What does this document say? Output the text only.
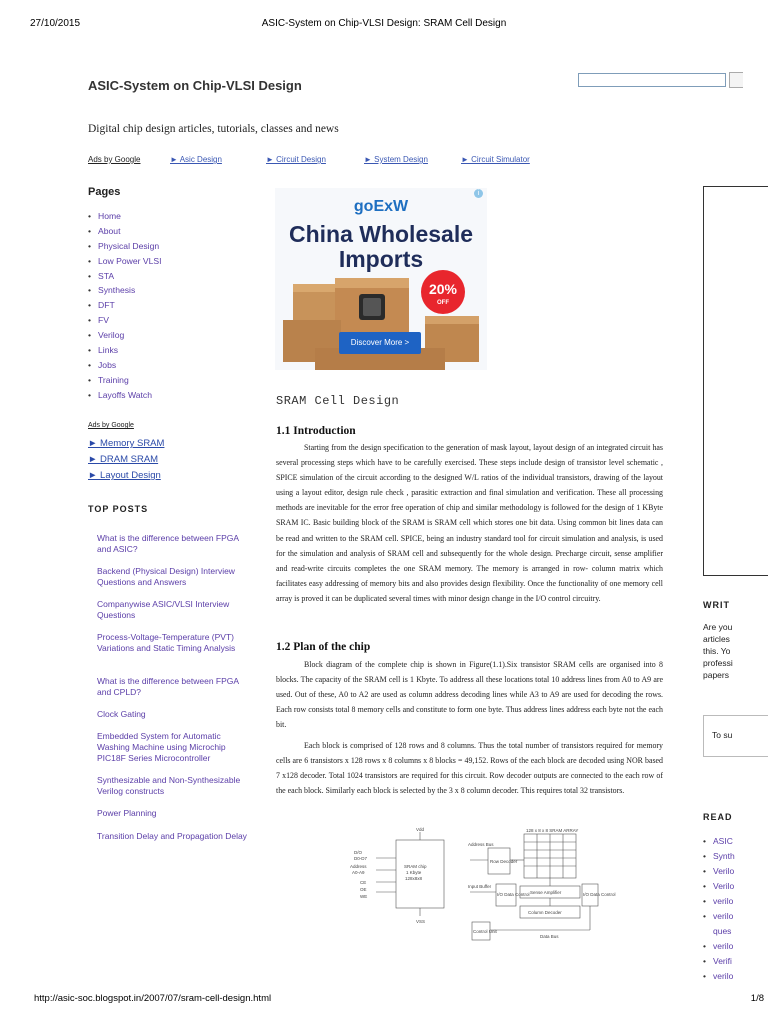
27/10/2015	ASIC-System on Chip-VLSI Design: SRAM Cell Design
ASIC-System on Chip-VLSI Design
Digital chip design articles, tutorials, classes and news
Ads by Google	► Asic Design	► Circuit Design	► System Design	► Circuit Simulator
Pages
• Home
• About
• Physical Design
• Low Power VLSI
• STA
• Synthesis
• DFT
• FV
• Verilog
• Links
• Jobs
• Training
• Layoffs Watch
Ads by Google
► Memory SRAM
► DRAM SRAM
► Layout Design
TOP POSTS
What is the difference between FPGA and ASIC?
Backend (Physical Design) Interview Questions and Answers
Companywise ASIC/VLSI Interview Questions
Process-Voltage-Temperature (PVT) Variations and Static Timing Analysis
What is the difference between FPGA and CPLD?
Clock Gating
Embedded System for Automatic Washing Machine using Microchip PIC18F Series Microcontroller
Synthesizable and Non-Synthesizable Verilog constructs
Power Planning
Transition Delay and Propagation Delay
i
goExW
China Wholesale
Imports
20%
OFF
Discover More >
SRAM Cell Design
1.1 Introduction
Starting from the design specification to the generation of mask layout, layout design of an integrated circuit has several processing steps which have to be carefully exercised. These steps include design of transistor level schematic , SPICE simulation of the circuit according to the designed W/L ratios of the individual transistors, drawing of the layout using a layout editor, design rule check , parasitic extraction and final simulation and verification. These all processing methods are inevitable for the error free operation of chip and similar methodology is followed for the design of 1 KByte SRAM IC. Basic building block of the SRAM is SRAM cell which stores one bit data. Using common bit lines data can be read and written to the SRAM cell. SPICE, being an industry standard tool for circuit simulation and analysis, is used for the simulation and analysis of SRAM cell and subsequently for the whole design. Precharge circuit, sense amplifier and read-write circuits completes the one SRAM memory. The memory is arranged in row- column matrix which facilitates easy addressing of memory bits and also provides design flexibility. Once the functionality of one memory cell array is proved it can be duplicated several times with minor design change in the I/O control circuitry.
1.2 Plan of the chip
Block diagram of the complete chip is shown in Figure(1.1).Six transistor SRAM cells are organised into 8 blocks. The capacity of the SRAM cell is 1 Kbyte. To address all these locations total 10 address lines from A0 to A9 are used. Out of these, A0 to A2 are used as column address decoding lines while A3 to A9 are used for decoding the rows. Each row consists total 8 memory cells and constitute to form one byte. Thus address lines address each byte not the each bit.
Each block is comprised of 128 rows and 8 columns. Thus the total number of transistors required for memory cells are 6 transistors x 128 rows x 8 columns x 8 blocks = 49,152. Rows of the each block are decoded using NOR based 7 x128 decoder. Total 1024 transistors are required for this circuit. Row decoder outputs are connected to the each row of the each block. Similarly each block is selected by the 3 x 8 column decoder. This requires total 32 transistors.
Vdd
VSS
SRAM chip
1 Kbyte
128x8x8
D/O
D0-D7
Address
A0-A9
CE
OE
WE
Address Bus
Row Decoder
128 x 8 x 8 SRAM ARRAY
Sense Amplifier
Column Decoder
I/O Data Control	I/O Data Control
Control Unit
Data Bus
Input Buffer
WRIT
Are you
articles
this. Yo
professi
papers
To su
READ
• ASIC
• Synth
• Verilo
• Verilo
• verilo
• verilo
ques
• verilo
• Verifi
• verilo
http://asic-soc.blogspot.in/2007/07/sram-cell-design.html	1/8
